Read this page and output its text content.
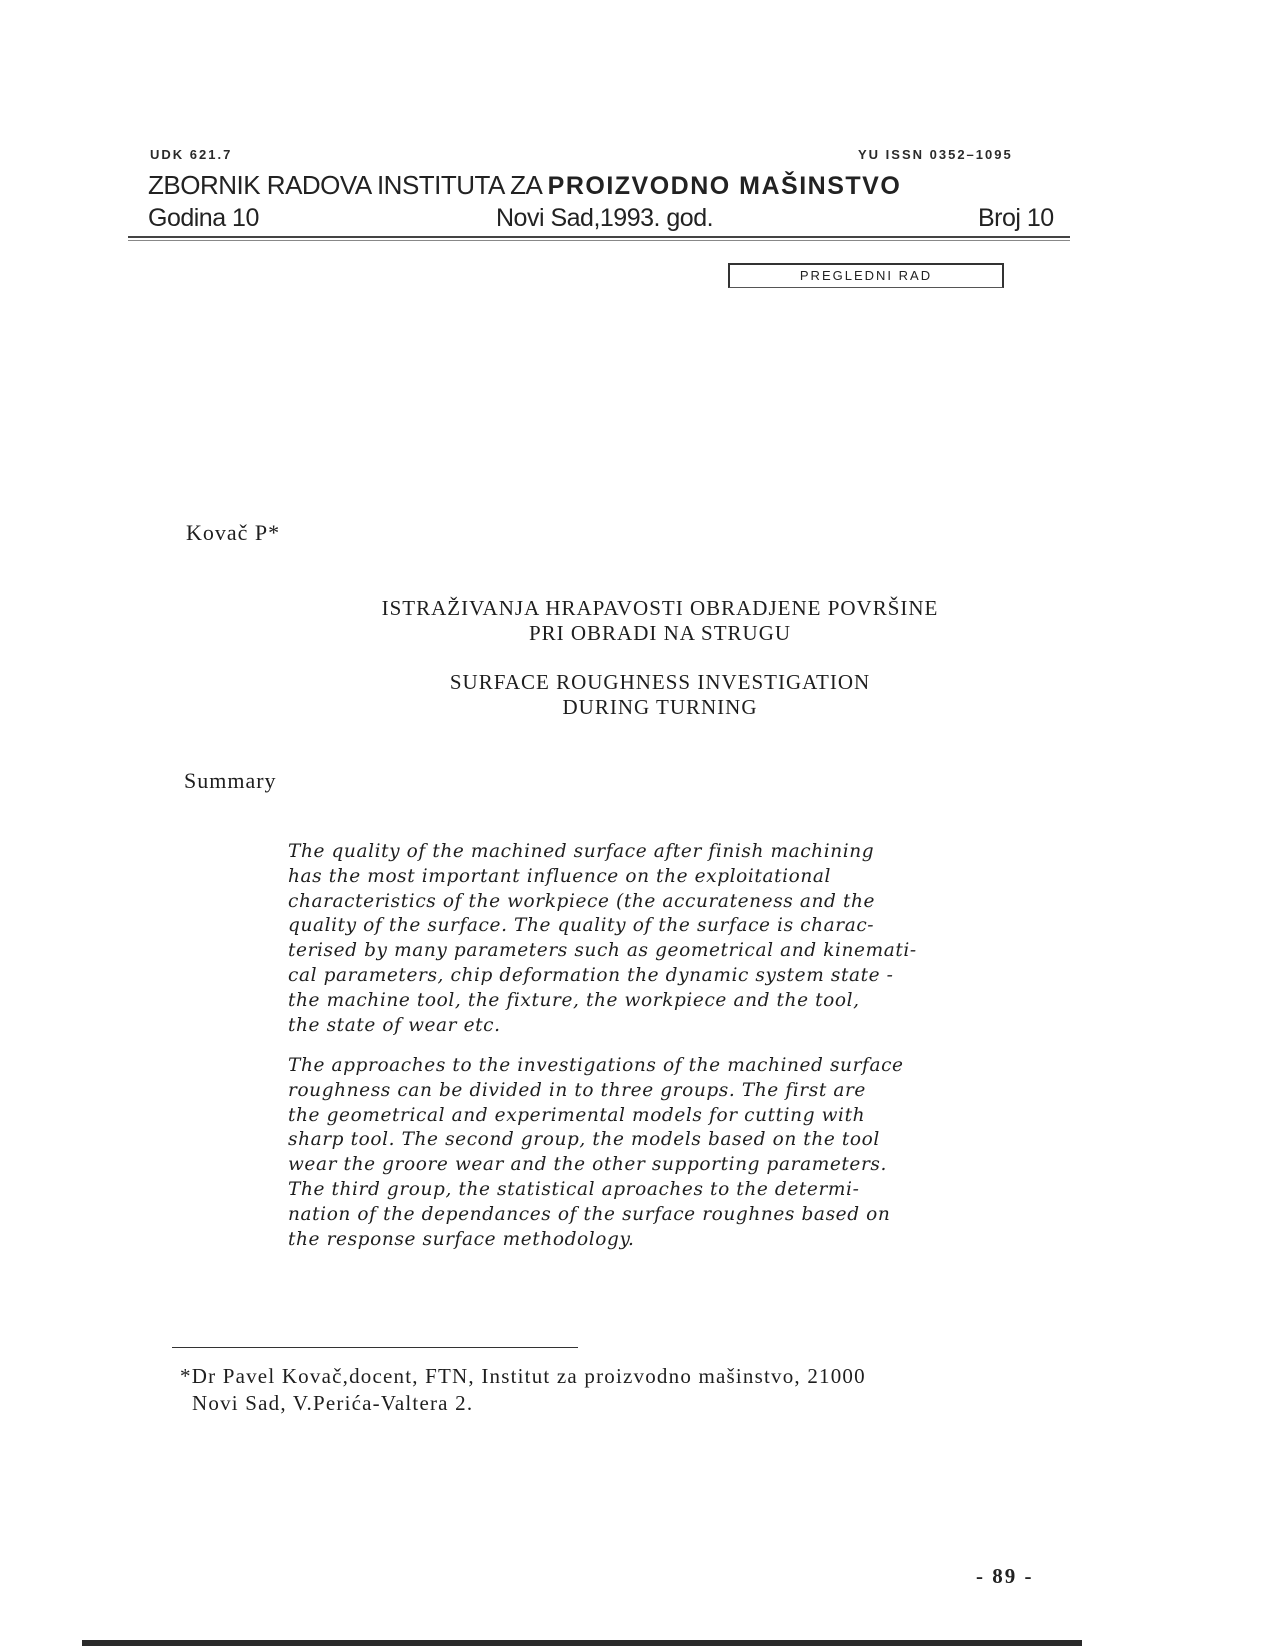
UDK 621.7	YU ISSN 0352–1095
ZBORNIK RADOVA INSTITUTA ZA PROIZVODNO MAŠINSTVO
Godina 10	Novi Sad,1993. god.	Broj 10
PREGLEDNI RAD
Kovač P*
ISTRAŽIVANJA HRAPAVOSTI OBRADJENE POVRŠINE
PRI OBRADI NA STRUGU
SURFACE ROUGHNESS INVESTIGATION
DURING TURNING
Summary
The quality of the machined surface after finish machining
has the most important influence on the exploitational
characteristics of the workpiece (the accurateness and the
quality of the surface. The quality of the surface is charac-
terised by many parameters such as geometrical and kinemati-
cal parameters, chip deformation the dynamic system state -
the machine tool, the fixture, the workpiece and the tool,
the state of wear etc.
The approaches to the investigations of the machined surface
roughness can be divided in to three groups. The first are
the geometrical and experimental models for cutting with
sharp tool. The second group, the models based on the tool
wear the groore wear and the other supporting parameters.
The third group, the statistical aproaches to the determi-
nation of the dependances of the surface roughnes based on
the response surface methodology.
*Dr Pavel Kovač,docent, FTN, Institut za proizvodno mašinstvo, 21000
Novi Sad, V.Perića-Valtera 2.
- 89 -
